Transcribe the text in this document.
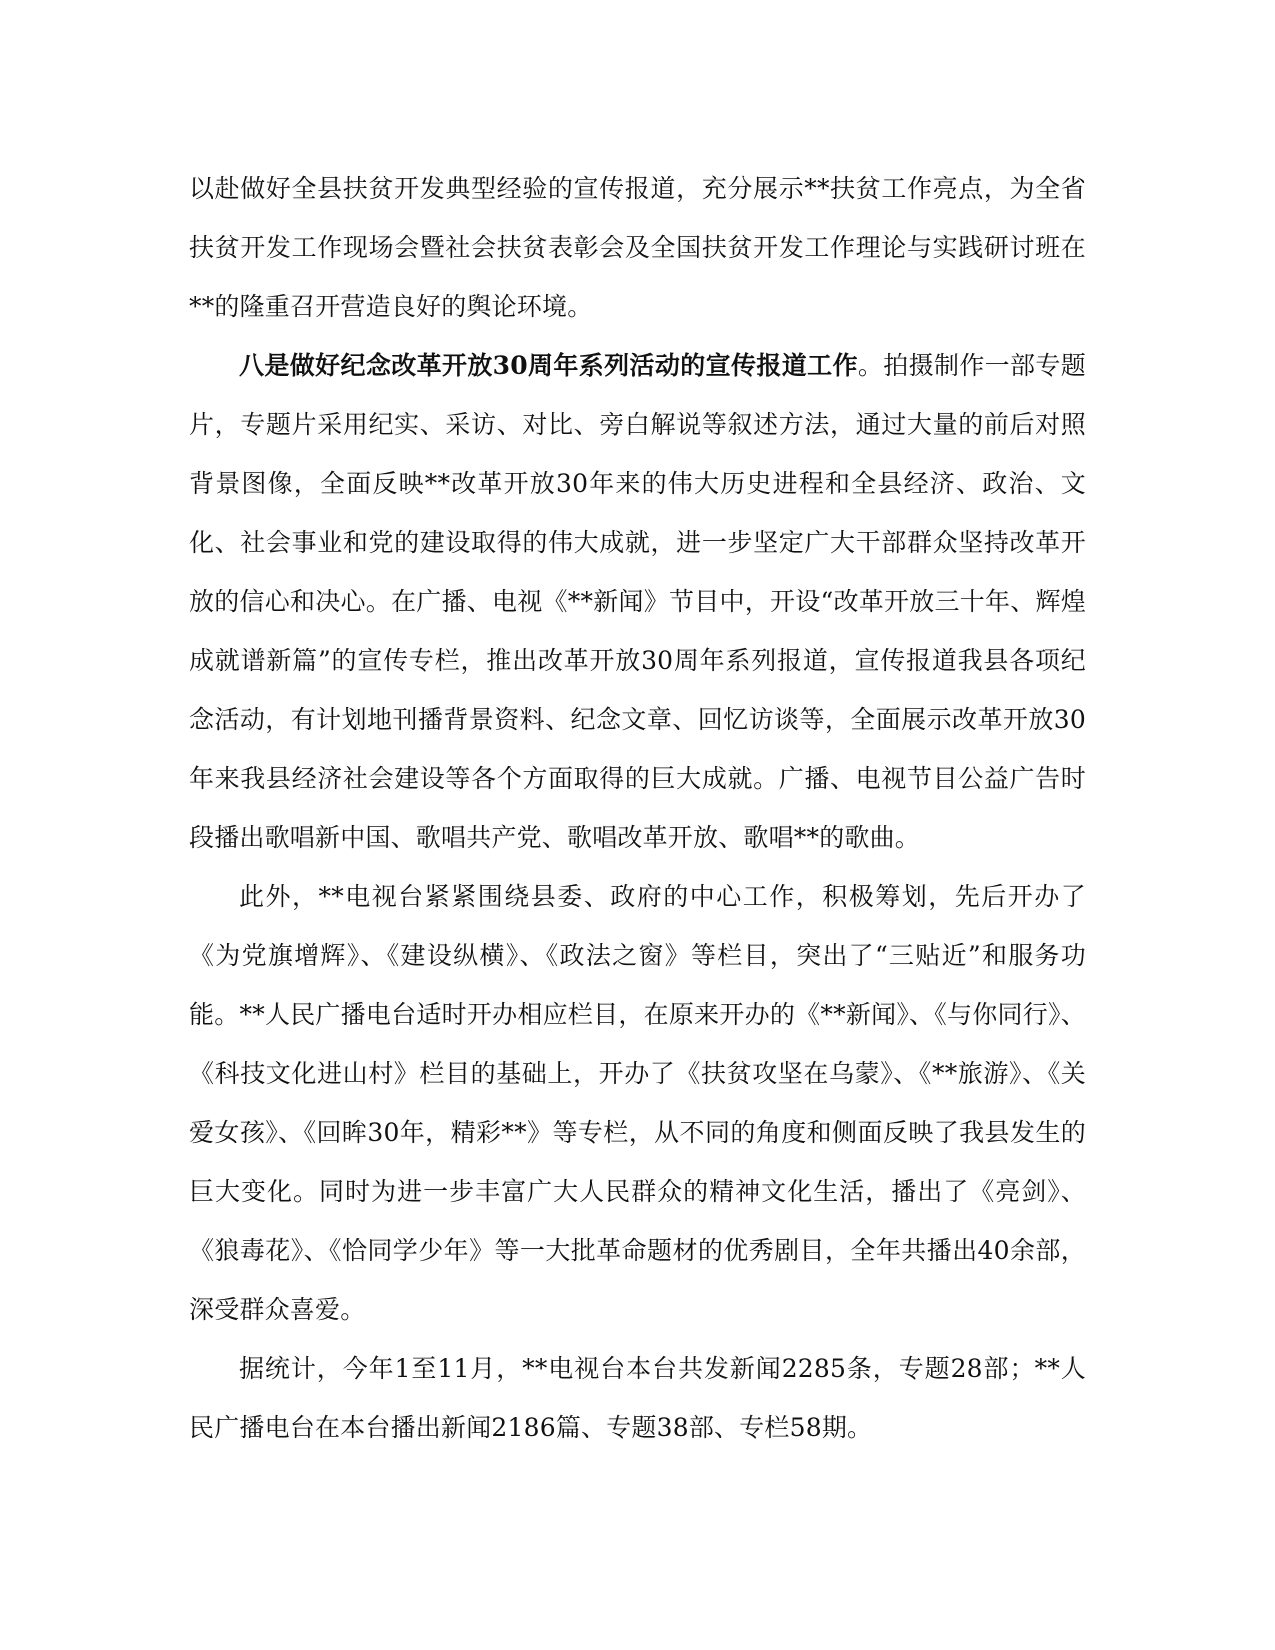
以赴做好全县扶贫开发典型经验的宣传报道，充分展示**扶贫工作亮点，为全省扶贫开发工作现场会暨社会扶贫表彰会及全国扶贫开发工作理论与实践研讨班在**的隆重召开营造良好的舆论环境。

八是做好纪念改革开放30周年系列活动的宣传报道工作。拍摄制作一部专题片，专题片采用纪实、采访、对比、旁白解说等叙述方法，通过大量的前后对照背景图像，全面反映**改革开放30年来的伟大历史进程和全县经济、政治、文化、社会事业和党的建设取得的伟大成就，进一步坚定广大干部群众坚持改革开放的信心和决心。在广播、电视《**新闻》节目中，开设“改革开放三十年、辉煌成就谱新篇”的宣传专栏，推出改革开放30周年系列报道，宣传报道我县各项纪念活动，有计划地刊播背景资料、纪念文章、回忆访谈等，全面展示改革开放30年来我县经济社会建设等各个方面取得的巨大成就。广播、电视节目公益广告时段播出歌唱新中国、歌唱共产党、歌唱改革开放、歌唱**的歌曲。

此外，**电视台紧紧围绕县委、政府的中心工作，积极筹划，先后开办了《为党旗增辉》、《建设纵横》、《政法之窗》等栏目，突出了“三贴近”和服务功能。**人民广播电台适时开办相应栏目，在原来开办的《**新闻》、《与你同行》、《科技文化进山村》栏目的基础上，开办了《扶贫攻坚在乌蒙》、《**旅游》、《关爱女孩》、《回眸30年，精彩**》等专栏，从不同的角度和侧面反映了我县发生的巨大变化。同时为进一步丰富广大人民群众的精神文化生活，播出了《亮剑》、《狼毒花》、《恰同学少年》等一大批革命题材的优秀剧目，全年共播出40余部，深受群众喜爱。

据统计，今年1至11月，**电视台本台共发新闻2285条，专题28部；**人民广播电台在本台播出新闻2186篇、专题38部、专栏58期。
